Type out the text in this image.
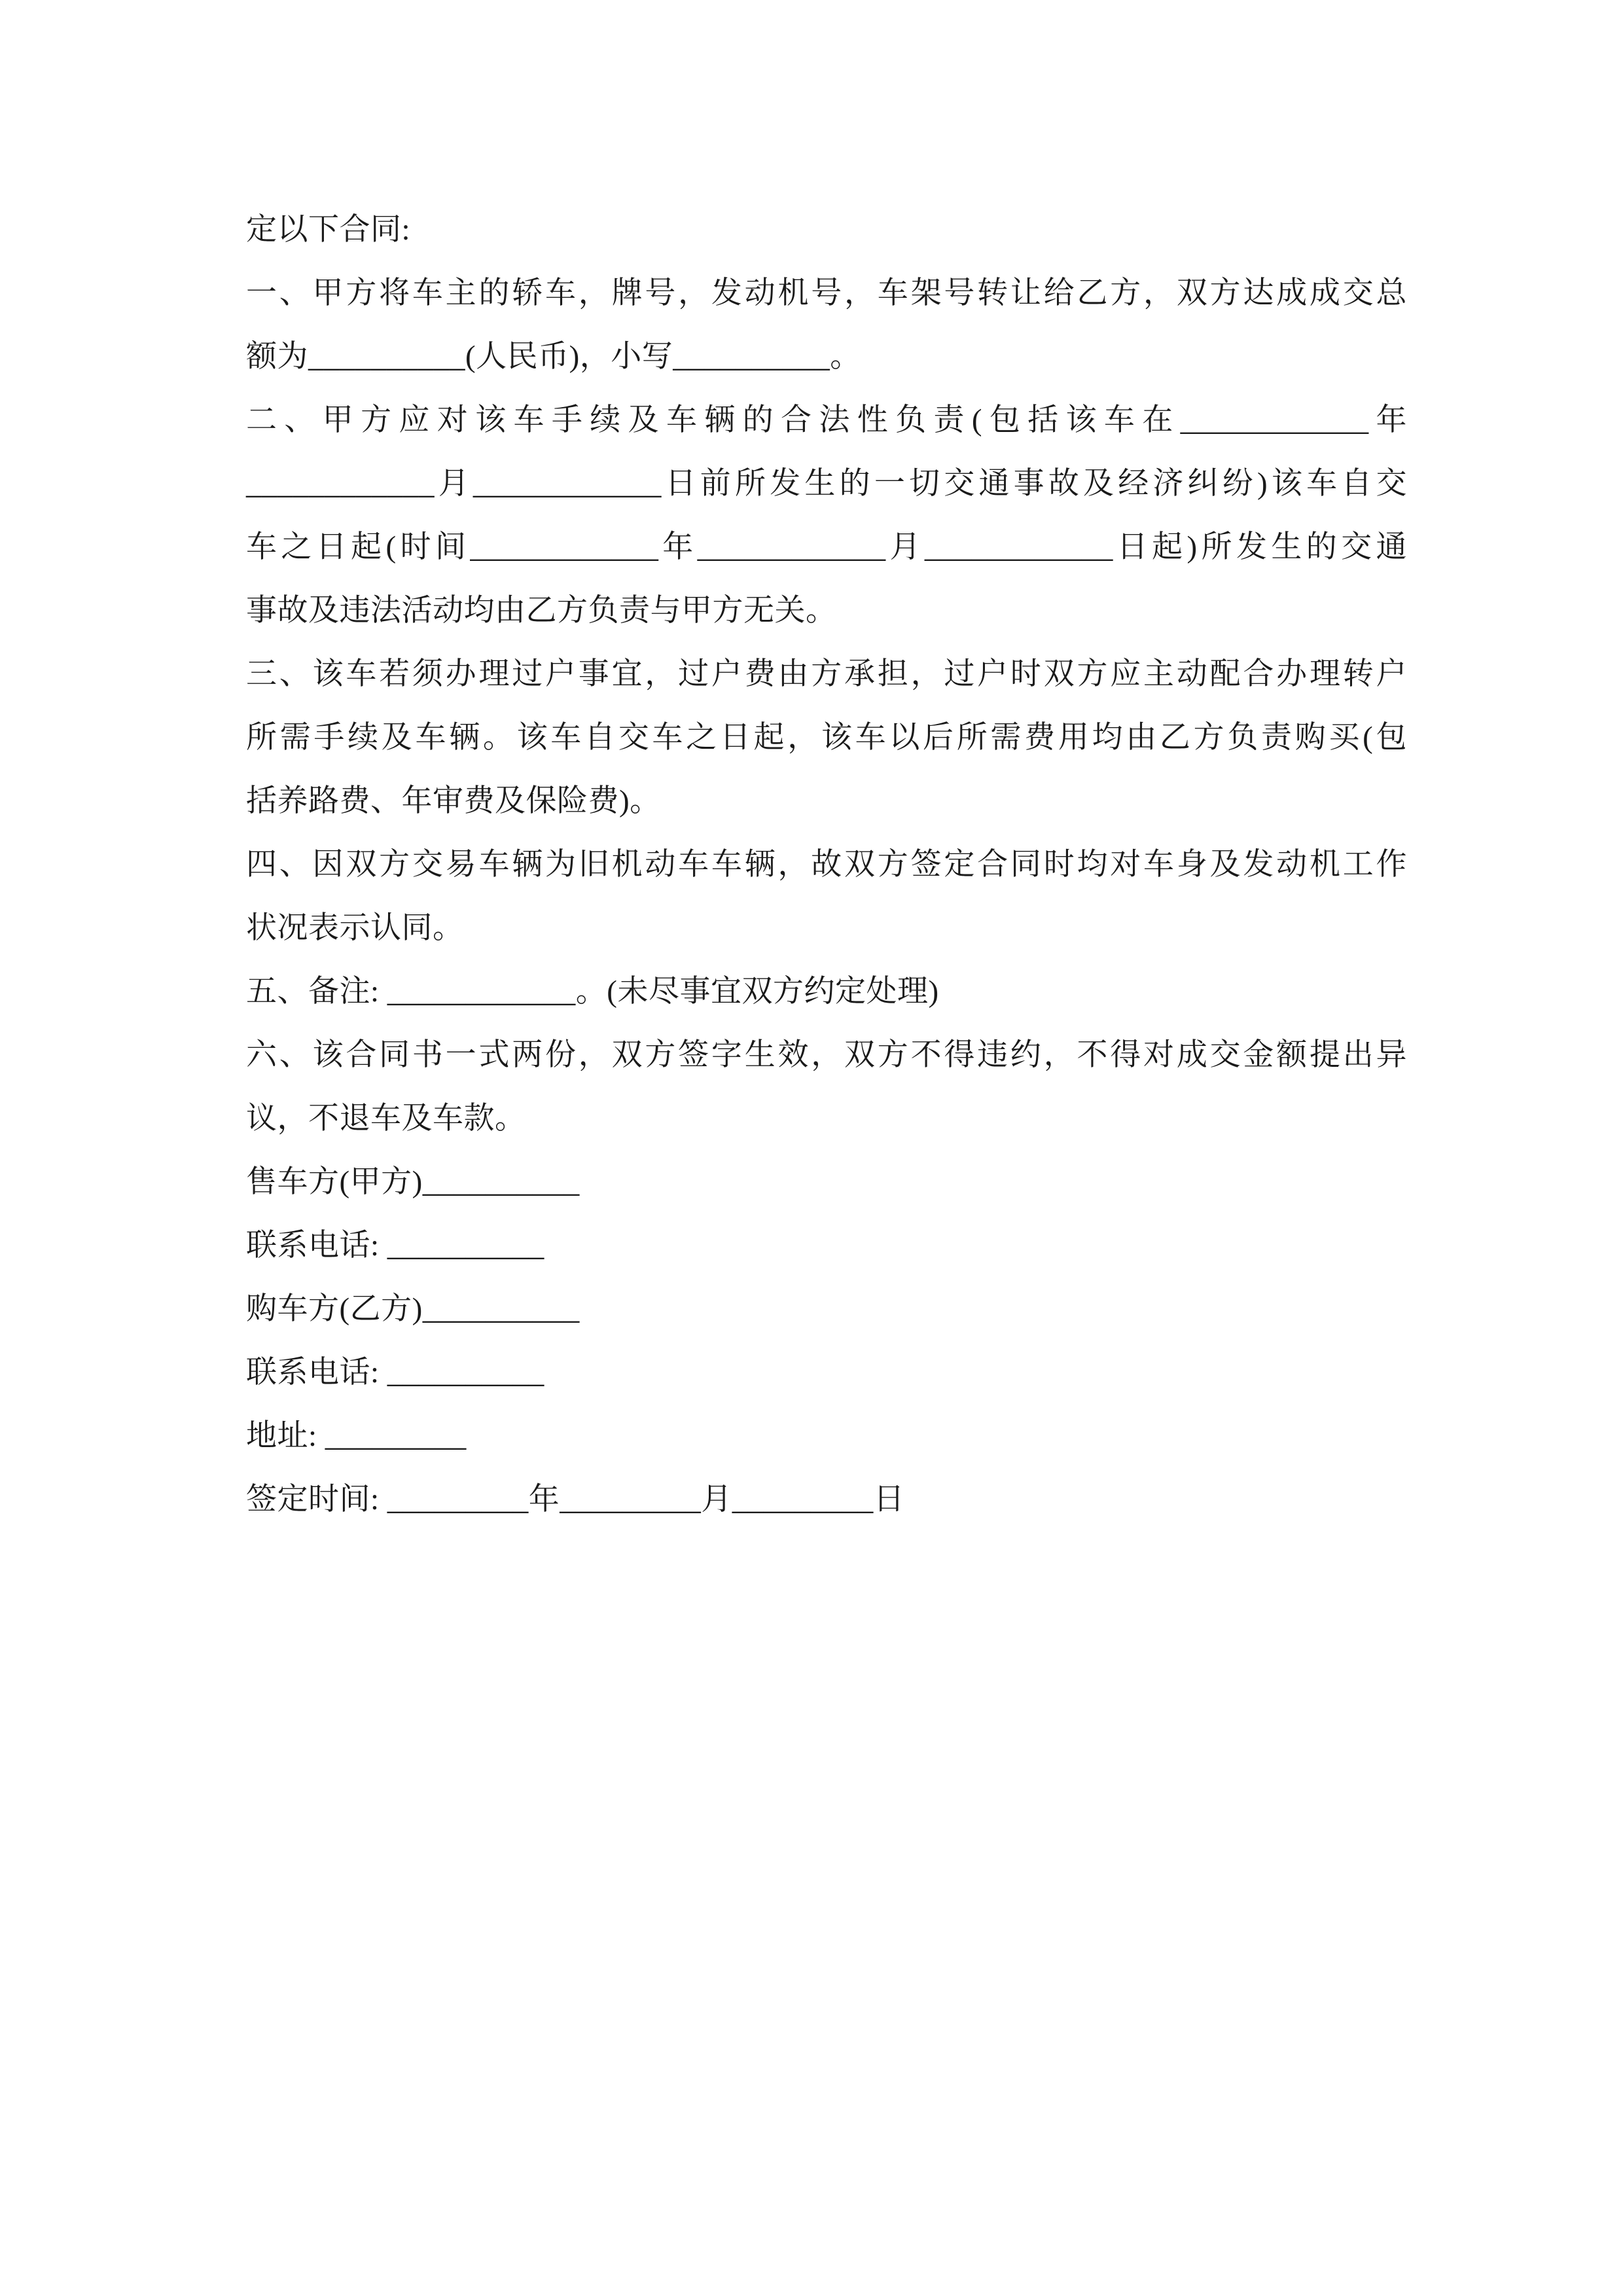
定以下合同:
一、甲方将车主的轿车，牌号，发动机号，车架号转让给乙方，双方达成成交总
额为__________(人民币)，小写__________。
二、甲方应对该车手续及车辆的合法性负责(包括该车在____________年
____________月____________日前所发生的一切交通事故及经济纠纷)该车自交
车之日起(时间____________年____________月____________日起)所发生的交通
事故及违法活动均由乙方负责与甲方无关。
三、该车若须办理过户事宜，过户费由方承担，过户时双方应主动配合办理转户
所需手续及车辆。该车自交车之日起，该车以后所需费用均由乙方负责购买(包
括养路费、年审费及保险费)。
四、因双方交易车辆为旧机动车车辆，故双方签定合同时均对车身及发动机工作
状况表示认同。
五、备注: ____________。(未尽事宜双方约定处理)
六、该合同书一式两份，双方签字生效，双方不得违约，不得对成交金额提出异
议，不退车及车款。
售车方(甲方)__________
联系电话: __________
购车方(乙方)__________
联系电话: __________
地址: _________
签定时间: _________年_________月_________日
